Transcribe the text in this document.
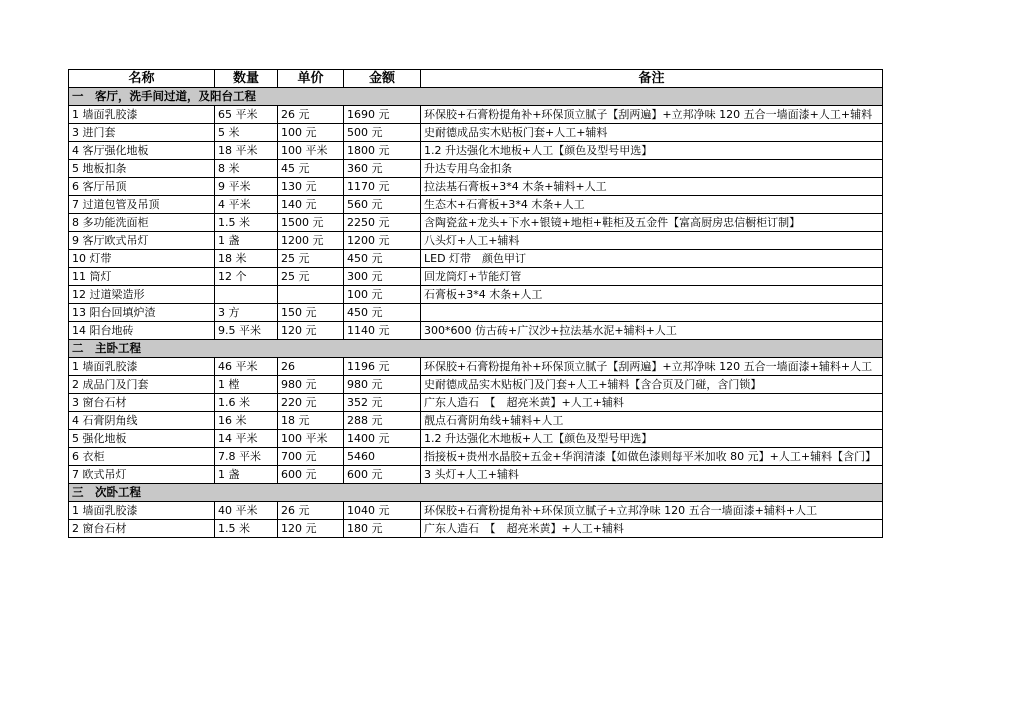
名称	数量	单价	金额	备注
一　客厅，洗手间过道，及阳台工程				
1 墙面乳胶漆	65 平米	26 元	1690 元	环保胶+石膏粉提角补+环保顶立腻子【刮两遍】+立邦净味 120 五合一墙面漆+人工+辅料
3 进门套	5 米	100 元	500 元	史耐德成品实木贴板门套+人工+辅料
4 客厅强化地板	18 平米	100 平米	1800 元	1.2 升达强化木地板+人工【颜色及型号甲选】
5 地板扣条	8 米	45 元	360 元	升达专用乌金扣条
6 客厅吊顶	9 平米	130 元	1170 元	拉法基石膏板+3*4 木条+辅料+人工
7 过道包管及吊顶	4 平米	140 元	560 元	生态木+石膏板+3*4 木条+人工
8 多功能洗面柜	1.5 米	1500 元	2250 元	含陶瓷盆+龙头+下水+银镜+地柜+鞋柜及五金件【富高厨房忠信橱柜订制】
9 客厅欧式吊灯	1 盏	1200 元	1200 元	八头灯+人工+辅料
10 灯带	18 米	25 元	450 元	LED 灯带　颜色甲订
11 筒灯	12 个	25 元	300 元	回龙筒灯+节能灯管
12 过道梁造形			100 元	石膏板+3*4 木条+人工
13 阳台回填炉渣	3 方	150 元	450 元	
14 阳台地砖	9.5 平米	120 元	1140 元	300*600 仿古砖+广汉沙+拉法基水泥+辅料+人工
二　主卧工程				
1 墙面乳胶漆	46 平米	26	1196 元	环保胶+石膏粉提角补+环保顶立腻子【刮两遍】+立邦净味 120 五合一墙面漆+辅料+人工
2 成品门及门套	1 樘	980 元	980 元	史耐德成品实木贴板门及门套+人工+辅料【含合页及门碰，含门锁】
3 窗台石材	1.6 米	220 元	352 元	广东人造石　【　超亮米黄】+人工+辅料
4 石膏阴角线	16 米	18 元	288 元	靓点石膏阴角线+辅料+人工
5 强化地板	14 平米	100 平米	1400 元	1.2 升达强化木地板+人工【颜色及型号甲选】
6 衣柜	7.8 平米	700 元	5460	指接板+贵州水晶胶+五金+华润清漆【如做色漆则每平米加收 80 元】+人工+辅料【含门】
7 欧式吊灯	1 盏	600 元	600 元	3 头灯+人工+辅料
三　次卧工程				
1 墙面乳胶漆	40 平米	26 元	1040 元	环保胶+石膏粉提角补+环保顶立腻子+立邦净味 120 五合一墙面漆+辅料+人工
2 窗台石材	1.5 米	120 元	180 元	广东人造石　【　超亮米黄】+人工+辅料
